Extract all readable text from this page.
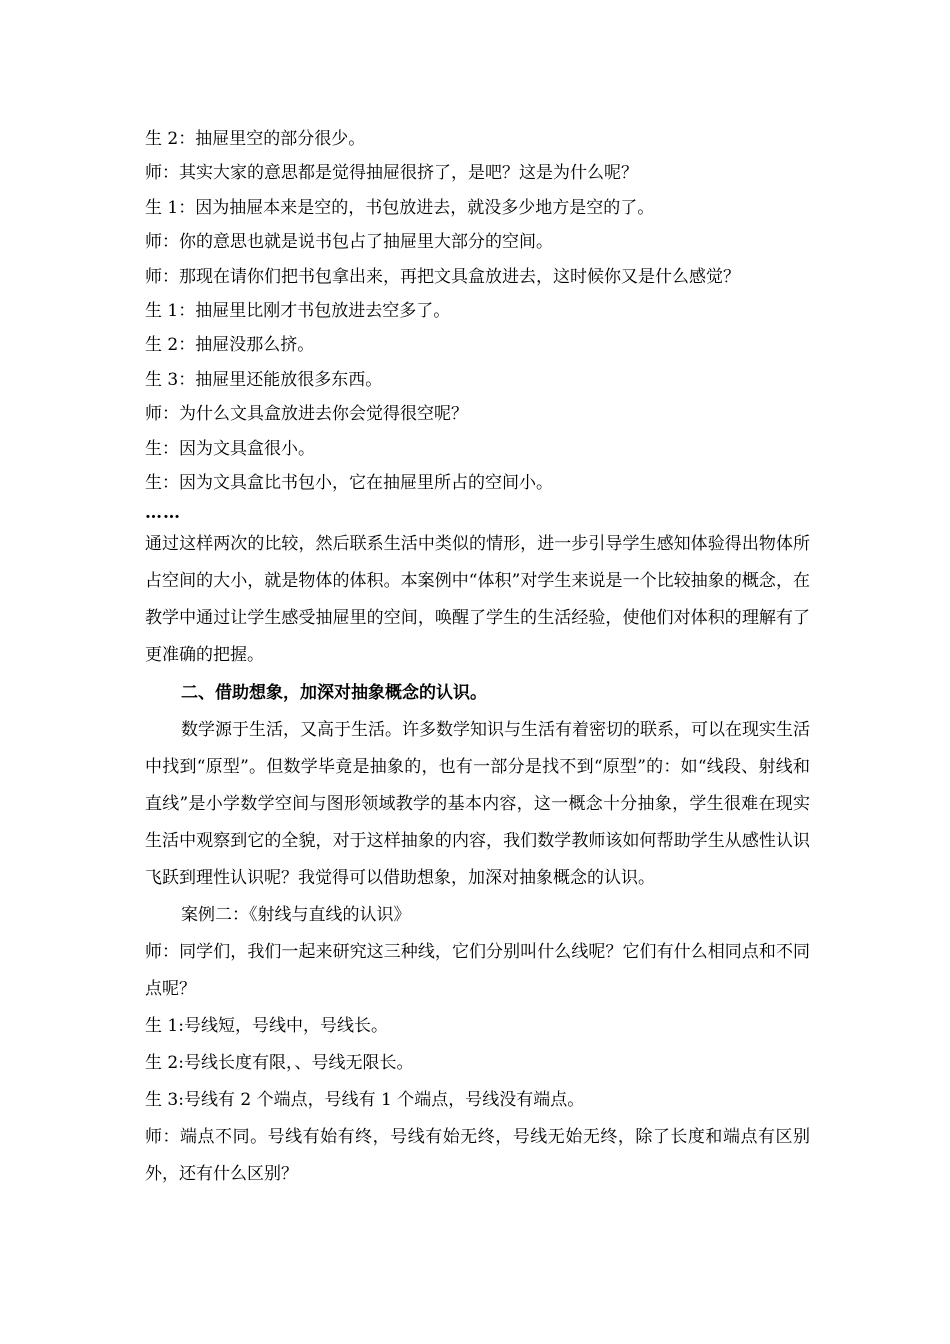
生 2：抽屉里空的部分很少。
师：其实大家的意思都是觉得抽屉很挤了，是吧？这是为什么呢？
生 1：因为抽屉本来是空的，书包放进去，就没多少地方是空的了。
师：你的意思也就是说书包占了抽屉里大部分的空间。
师：那现在请你们把书包拿出来，再把文具盒放进去，这时候你又是什么感觉？
生 1：抽屉里比刚才书包放进去空多了。
生 2：抽屉没那么挤。
生 3：抽屉里还能放很多东西。
师：为什么文具盒放进去你会觉得很空呢？
生：因为文具盒很小。
生：因为文具盒比书包小，它在抽屉里所占的空间小。
……

通过这样两次的比较，然后联系生活中类似的情形，进一步引导学生感知体验得出物体所占空间的大小，就是物体的体积。本案例中“体积”对学生来说是一个比较抽象的概念，在教学中通过让学生感受抽屉里的空间，唤醒了学生的生活经验，使他们对体积的理解有了更准确的把握。

二、借助想象，加深对抽象概念的认识。

数学源于生活，又高于生活。许多数学知识与生活有着密切的联系，可以在现实生活中找到“原型”。但数学毕竟是抽象的，也有一部分是找不到“原型”的：如“线段、射线和直线”是小学数学空间与图形领域教学的基本内容，这一概念十分抽象，学生很难在现实生活中观察到它的全貌，对于这样抽象的内容，我们数学教师该如何帮助学生从感性认识飞跃到理性认识呢？我觉得可以借助想象，加深对抽象概念的认识。

案例二：《射线与直线的认识》

师：同学们，我们一起来研究这三种线，它们分别叫什么线呢？它们有什么相同点和不同点呢？

生 1:号线短，号线中，号线长。
生 2:号线长度有限，、号线无限长。
生 3:号线有 2 个端点，号线有 1 个端点，号线没有端点。

师：端点不同。号线有始有终，号线有始无终，号线无始无终，除了长度和端点有区别外，还有什么区别？
